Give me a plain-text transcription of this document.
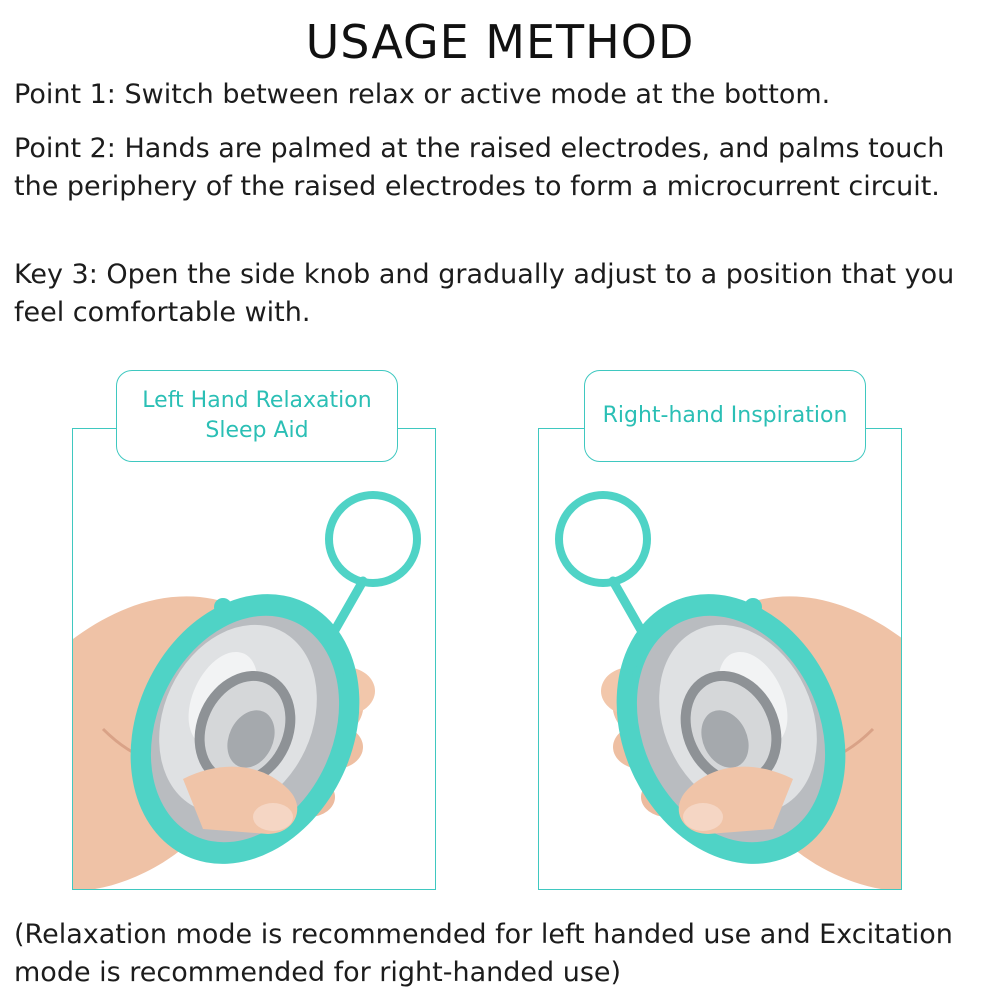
USAGE METHOD
Point 1: Switch between relax or active mode at the bottom.
Point 2: Hands are palmed at the raised electrodes, and palms touch the periphery of the raised electrodes to form a microcurrent circuit.
Key 3: Open the side knob and gradually adjust to a position that you feel comfortable with.
Left Hand Relaxation Sleep Aid
Right-hand Inspiration
(Relaxation mode is recommended for left handed use and Excitation mode is recommended for right-handed use)
